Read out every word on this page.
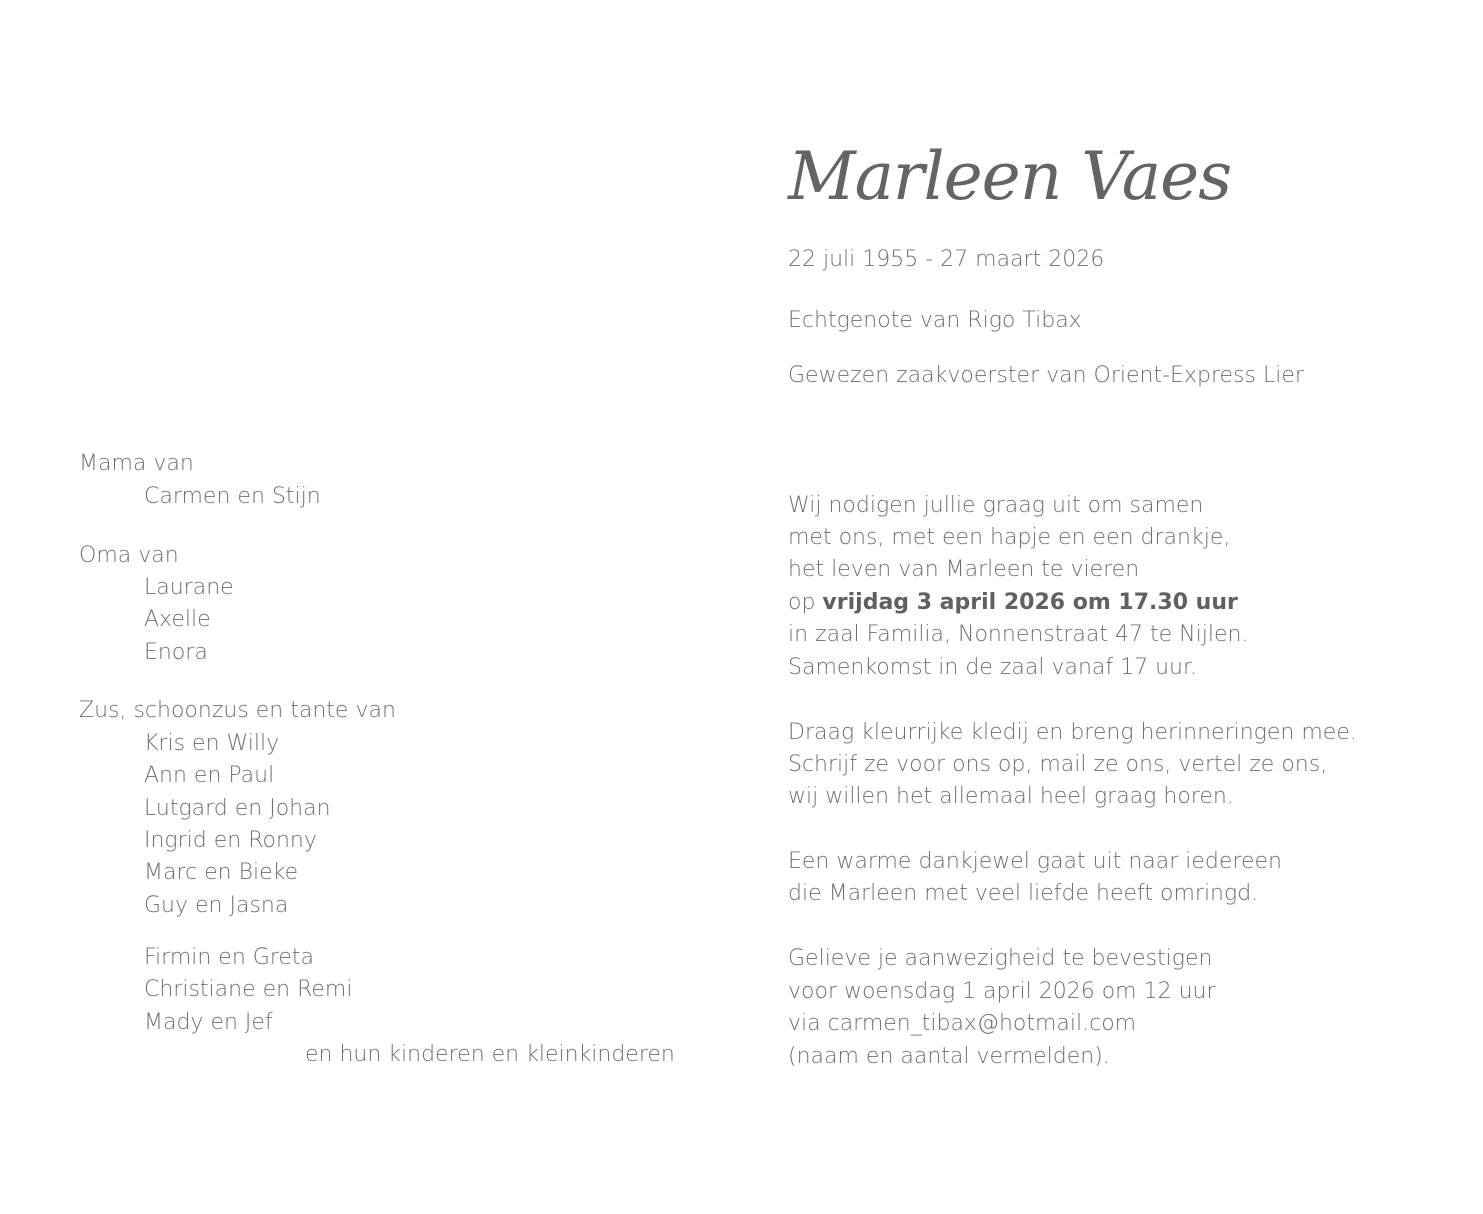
Marleen Vaes
22 juli 1955 - 27 maart 2026
Echtgenote van Rigo Tibax
Gewezen zaakvoerster van Orient-Express Lier
Mama van
Carmen en Stijn
Oma van
Laurane
Axelle
Enora
Zus, schoonzus en tante van
Kris en Willy
Ann en Paul
Lutgard en Johan
Ingrid en Ronny
Marc en Bieke
Guy en Jasna
Firmin en Greta
Christiane en Remi
Mady en Jef
en hun kinderen en kleinkinderen
Wij nodigen jullie graag uit om samen
met ons, met een hapje en een drankje,
het leven van Marleen te vieren
op vrijdag 3 april 2026 om 17.30 uur
in zaal Familia, Nonnenstraat 47 te Nijlen.
Samenkomst in de zaal vanaf 17 uur.
Draag kleurrijke kledij en breng herinneringen mee.
Schrijf ze voor ons op, mail ze ons, vertel ze ons,
wij willen het allemaal heel graag horen.
Een warme dankjewel gaat uit naar iedereen
die Marleen met veel liefde heeft omringd.
Gelieve je aanwezigheid te bevestigen
voor woensdag 1 april 2026 om 12 uur
via carmen_tibax@hotmail.com
(naam en aantal vermelden).
